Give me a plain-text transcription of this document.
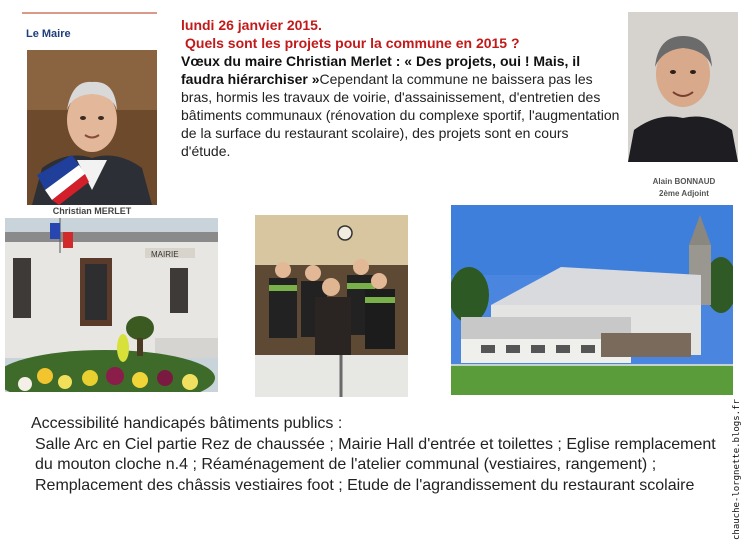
Le Maire
Christian MERLET
lundi 26 janvier 2015.
Quels sont les projets pour la commune en 2015 ?
Vœux du maire Christian Merlet : « Des projets, oui ! Mais, il faudra hiérarchiser »Cependant la commune ne baissera pas les bras, hormis les travaux de voirie, d'assainissement, d'entretien des bâtiments communaux (rénovation du complexe sportif, l'augmentation de la surface du restaurant scolaire), des projets sont en cours d'étude.
Alain BONNAUD
2ème Adjoint
MAIRIE
Accessibilité handicapés bâtiments publics :
Salle Arc en Ciel partie Rez de chaussée ; Mairie Hall d'entrée et toilettes ; Eglise remplacement du mouton cloche n.4 ; Réaménagement de l'atelier communal (vestiaires, rangement) ; Remplacement des châssis vestiaires foot ; Etude de l'agrandissement du restaurant scolaire	chauche-lorgnette.blogs.fr
